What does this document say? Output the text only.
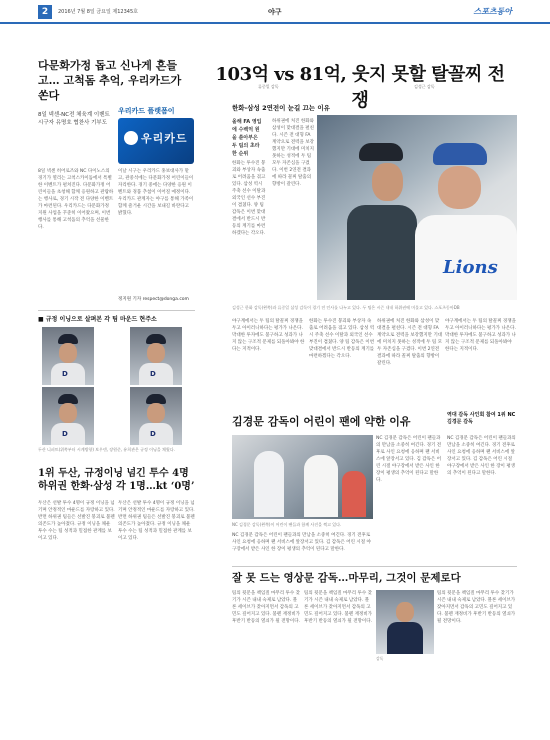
2	2016년 7월 8일 금요일 제12345호	야구	스포츠동아
다문화가정 돕고 신나게 흔들고… 고척돔 추억, 우리카드가 쏜다
8일 넥센-NC전 체육계 이벤트 시구자 유명호 협찬사 기부도
우리카드 플랫폼이
우리카드
8일 넥센 히어로즈와 NC 다이노스의 경기가 열리는 고척스카이돔에서 특별한 이벤트가 펼쳐진다. 다문화가정 어린이들을 초청해 함께 응원하고 관람하는 행사로, 경기 시작 전 다양한 이벤트가 마련된다. 우리카드는 다문화가정 지원 사업을 꾸준히 이어왔으며, 이번 행사를 통해 고척돔의 추억을 선물한다.
이날 시구는 우리카드 홍보대사가 맡고, 관중석에는 다문화가정 어린이들이 자리한다. 경기 중에는 다양한 응원 이벤트와 경품 추첨이 이어질 예정이다. 우리카드 관계자는 야구를 통해 가족이 함께 즐거운 시간을 보내길 바란다고 밝혔다.
정지원 기자 respect@donga.com
103억 vs 81억, 웃지 못할 탈꼴찌 전쟁
류중일 감독	김성근 감독
한화-삼성 2연전이 눈길 끄는 이유
올해 FA 영입에 수백억 원을 쏟아부은 두 팀의 초라한 순위
하위권에 처진 한화와 삼성이 맞대결을 펼친다. 시즌 전 대형 FA 계약으로 전력을 보강했지만 기대에 미치지 못하는 성적에 두 팀 모두 자존심을 구겼다. 이번 2연전 결과에 따라 꼴찌 탈출의 향방이 갈린다.
한화는 투수진 붕괴와 부상자 속출로 어려움을 겪고 있다. 삼성 역시 주축 선수 이탈과 외국인 선수 부진이 겹쳤다. 양 팀 감독은 이번 맞대결에서 반드시 반등의 계기를 마련하겠다는 각오다.
Lions
김성근 한화 감독(왼쪽)과 류중일 삼성 감독이 경기 전 인사를 나누고 있다. 두 팀은 시즌 내내 하위권에 머물고 있다. 스포츠동아DB
야구계에서는 두 팀의 탈꼴찌 경쟁을 두고 아이러니하다는 평가가 나온다. 막대한 투자에도 불구하고 성과가 나지 않는 구조적 문제를 되돌아봐야 한다는 지적이다.
한화는 투수진 붕괴와 부상자 속출로 어려움을 겪고 있다. 삼성 역시 주축 선수 이탈과 외국인 선수 부진이 겹쳤다. 양 팀 감독은 이번 맞대결에서 반드시 반등의 계기를 마련하겠다는 각오다.
하위권에 처진 한화와 삼성이 맞대결을 펼친다. 시즌 전 대형 FA 계약으로 전력을 보강했지만 기대에 미치지 못하는 성적에 두 팀 모두 자존심을 구겼다. 이번 2연전 결과에 따라 꼴찌 탈출의 향방이 갈린다.
야구계에서는 두 팀의 탈꼴찌 경쟁을 두고 아이러니하다는 평가가 나온다. 막대한 투자에도 불구하고 성과가 나지 않는 구조적 문제를 되돌아봐야 한다는 지적이다.
■ 규정 이닝으로 살펴본 각 팀 마운드 현주소
D	D
D	D
두산 니퍼트(위쪽부터 시계방향) 보우덴, 장원준, 유희관은 규정 이닝을 채웠다.
1위 두산, 규정이닝 넘긴 투수 4명 하위권 한화·삼성 각 1명…kt ‘0명’
두산은 선발 투수 4명이 규정 이닝을 넘기며 안정적인 마운드를 자랑하고 있다. 반면 하위권 팀들은 선발진 붕괴로 불펜 의존도가 높아졌다. 규정 이닝을 채운 투수 수는 팀 성적과 밀접한 관계를 보이고 있다.
두산은 선발 투수 4명이 규정 이닝을 넘기며 안정적인 마운드를 자랑하고 있다. 반면 하위권 팀들은 선발진 붕괴로 불펜 의존도가 높아졌다. 규정 이닝을 채운 투수 수는 팀 성적과 밀접한 관계를 보이고 있다.
김경문 감독이 어린이 팬에 약한 이유	역대 감독 사인회 참여 1위 NC 김경문 감독
NC 김경문 감독(왼쪽)이 어린이 팬들과 함께 사진을 찍고 있다.
NC 김경문 감독은 어린이 팬들과의 만남을 소중히 여긴다. 경기 전후로 사인 요청에 응하며 팬 서비스에 앞장서고 있다. 김 감독은 어린 시절 야구장에서 받은 사인 한 장이 평생의 추억이 된다고 말한다.
NC 김경문 감독은 어린이 팬들과의 만남을 소중히 여긴다. 경기 전후로 사인 요청에 응하며 팬 서비스에 앞장서고 있다. 김 감독은 어린 시절 야구장에서 받은 사인 한 장이 평생의 추억이 된다고 말한다.
NC 김경문 감독은 어린이 팬들과의 만남을 소중히 여긴다. 경기 전후로 사인 요청에 응하며 팬 서비스에 앞장서고 있다. 김 감독은 어린 시절 야구장에서 받은 사인 한 장이 평생의 추억이 된다고 말한다.
잘 못 드는 영상문 감독…마무리, 그것이 문제로다
팀의 뒷문을 책임질 마무리 투수 찾기가 시즌 내내 숙제로 남았다. 블론 세이브가 잦아지면서 감독의 고민도 깊어지고 있다. 불펜 재정비가 후반기 반등의 열쇠가 될 전망이다.
팀의 뒷문을 책임질 마무리 투수 찾기가 시즌 내내 숙제로 남았다. 블론 세이브가 잦아지면서 감독의 고민도 깊어지고 있다. 불펜 재정비가 후반기 반등의 열쇠가 될 전망이다.
감독
팀의 뒷문을 책임질 마무리 투수 찾기가 시즌 내내 숙제로 남았다. 블론 세이브가 잦아지면서 감독의 고민도 깊어지고 있다. 불펜 재정비가 후반기 반등의 열쇠가 될 전망이다.
